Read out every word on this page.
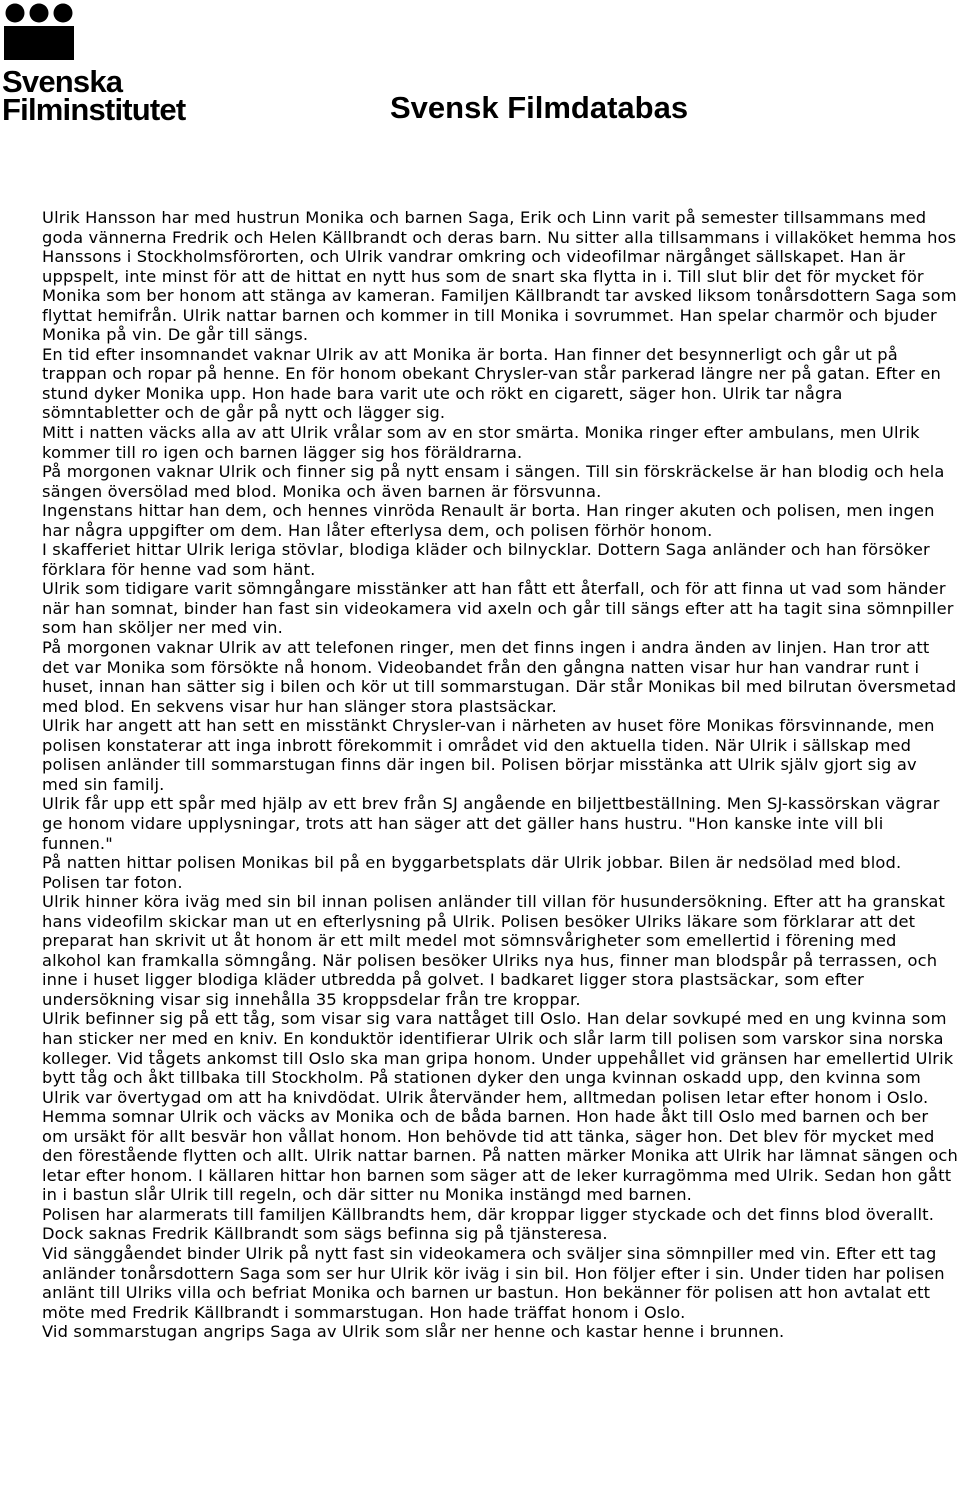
Svenska
Filminstitutet	Svensk Filmdatabas

Ulrik Hansson har med hustrun Monika och barnen Saga, Erik och Linn varit på semester tillsammans med goda vännerna Fredrik och Helen Källbrandt och deras barn. Nu sitter alla tillsammans i villaköket hemma hos Hanssons i Stockholmsförorten, och Ulrik vandrar omkring och videofilmar närgånget sällskapet. Han är uppspelt, inte minst för att de hittat en nytt hus som de snart ska flytta in i. Till slut blir det för mycket för Monika som ber honom att stänga av kameran. Familjen Källbrandt tar avsked liksom tonårsdottern Saga som flyttat hemifrån. Ulrik nattar barnen och kommer in till Monika i sovrummet. Han spelar charmör och bjuder Monika på vin. De går till sängs.

En tid efter insomnandet vaknar Ulrik av att Monika är borta. Han finner det besynnerligt och går ut på trappan och ropar på henne. En för honom obekant Chrysler-van står parkerad längre ner på gatan. Efter en stund dyker Monika upp. Hon hade bara varit ute och rökt en cigarett, säger hon. Ulrik tar några sömntabletter och de går på nytt och lägger sig.

Mitt i natten väcks alla av att Ulrik vrålar som av en stor smärta. Monika ringer efter ambulans, men Ulrik kommer till ro igen och barnen lägger sig hos föräldrarna.

På morgonen vaknar Ulrik och finner sig på nytt ensam i sängen. Till sin förskräckelse är han blodig och hela sängen översölad med blod. Monika och även barnen är försvunna.

Ingenstans hittar han dem, och hennes vinröda Renault är borta. Han ringer akuten och polisen, men ingen har några uppgifter om dem. Han låter efterlysa dem, och polisen förhör honom.

I skafferiet hittar Ulrik leriga stövlar, blodiga kläder och bilnycklar. Dottern Saga anländer och han försöker förklara för henne vad som hänt.

Ulrik som tidigare varit sömngångare misstänker att han fått ett återfall, och för att finna ut vad som händer när han somnat, binder han fast sin videokamera vid axeln och går till sängs efter att ha tagit sina sömnpiller som han sköljer ner med vin.

På morgonen vaknar Ulrik av att telefonen ringer, men det finns ingen i andra änden av linjen. Han tror att det var Monika som försökte nå honom. Videobandet från den gångna natten visar hur han vandrar runt i huset, innan han sätter sig i bilen och kör ut till sommarstugan. Där står Monikas bil med bilrutan översmetad med blod. En sekvens visar hur han slänger stora plastsäckar.

Ulrik har angett att han sett en misstänkt Chrysler-van i närheten av huset före Monikas försvinnande, men polisen konstaterar att inga inbrott förekommit i området vid den aktuella tiden. När Ulrik i sällskap med polisen anländer till sommarstugan finns där ingen bil. Polisen börjar misstänka att Ulrik själv gjort sig av med sin familj.

Ulrik får upp ett spår med hjälp av ett brev från SJ angående en biljettbeställning. Men SJ-kassörskan vägrar ge honom vidare upplysningar, trots att han säger att det gäller hans hustru. "Hon kanske inte vill bli funnen."

På natten hittar polisen Monikas bil på en byggarbetsplats där Ulrik jobbar. Bilen är nedsölad med blod. Polisen tar foton.

Ulrik hinner köra iväg med sin bil innan polisen anländer till villan för husundersökning. Efter att ha granskat hans videofilm skickar man ut en efterlysning på Ulrik. Polisen besöker Ulriks läkare som förklarar att det preparat han skrivit ut åt honom är ett milt medel mot sömnsvårigheter som emellertid i förening med alkohol kan framkalla sömngång. När polisen besöker Ulriks nya hus, finner man blodspår på terrassen, och inne i huset ligger blodiga kläder utbredda på golvet. I badkaret ligger stora plastsäckar, som efter undersökning visar sig innehålla 35 kroppsdelar från tre kroppar.

Ulrik befinner sig på ett tåg, som visar sig vara nattåget till Oslo. Han delar sovkupé med en ung kvinna som han sticker ner med en kniv. En konduktör identifierar Ulrik och slår larm till polisen som varskor sina norska kolleger. Vid tågets ankomst till Oslo ska man gripa honom. Under uppehållet vid gränsen har emellertid Ulrik bytt tåg och åkt tillbaka till Stockholm. På stationen dyker den unga kvinnan oskadd upp, den kvinna som Ulrik var övertygad om att ha knivdödat. Ulrik återvänder hem, alltmedan polisen letar efter honom i Oslo.

Hemma somnar Ulrik och väcks av Monika och de båda barnen. Hon hade åkt till Oslo med barnen och ber om ursäkt för allt besvär hon vållat honom. Hon behövde tid att tänka, säger hon. Det blev för mycket med den förestående flytten och allt. Ulrik nattar barnen. På natten märker Monika att Ulrik har lämnat sängen och letar efter honom. I källaren hittar hon barnen som säger att de leker kurragömma med Ulrik. Sedan hon gått in i bastun slår Ulrik till regeln, och där sitter nu Monika instängd med barnen.

Polisen har alarmerats till familjen Källbrandts hem, där kroppar ligger styckade och det finns blod överallt. Dock saknas Fredrik Källbrandt som sägs befinna sig på tjänsteresa.

Vid sänggåendet binder Ulrik på nytt fast sin videokamera och sväljer sina sömnpiller med vin. Efter ett tag anländer tonårsdottern Saga som ser hur Ulrik kör iväg i sin bil. Hon följer efter i sin. Under tiden har polisen anlänt till Ulriks villa och befriat Monika och barnen ur bastun. Hon bekänner för polisen att hon avtalat ett möte med Fredrik Källbrandt i sommarstugan. Hon hade träffat honom i Oslo.

Vid sommarstugan angrips Saga av Ulrik som slår ner henne och kastar henne i brunnen.
